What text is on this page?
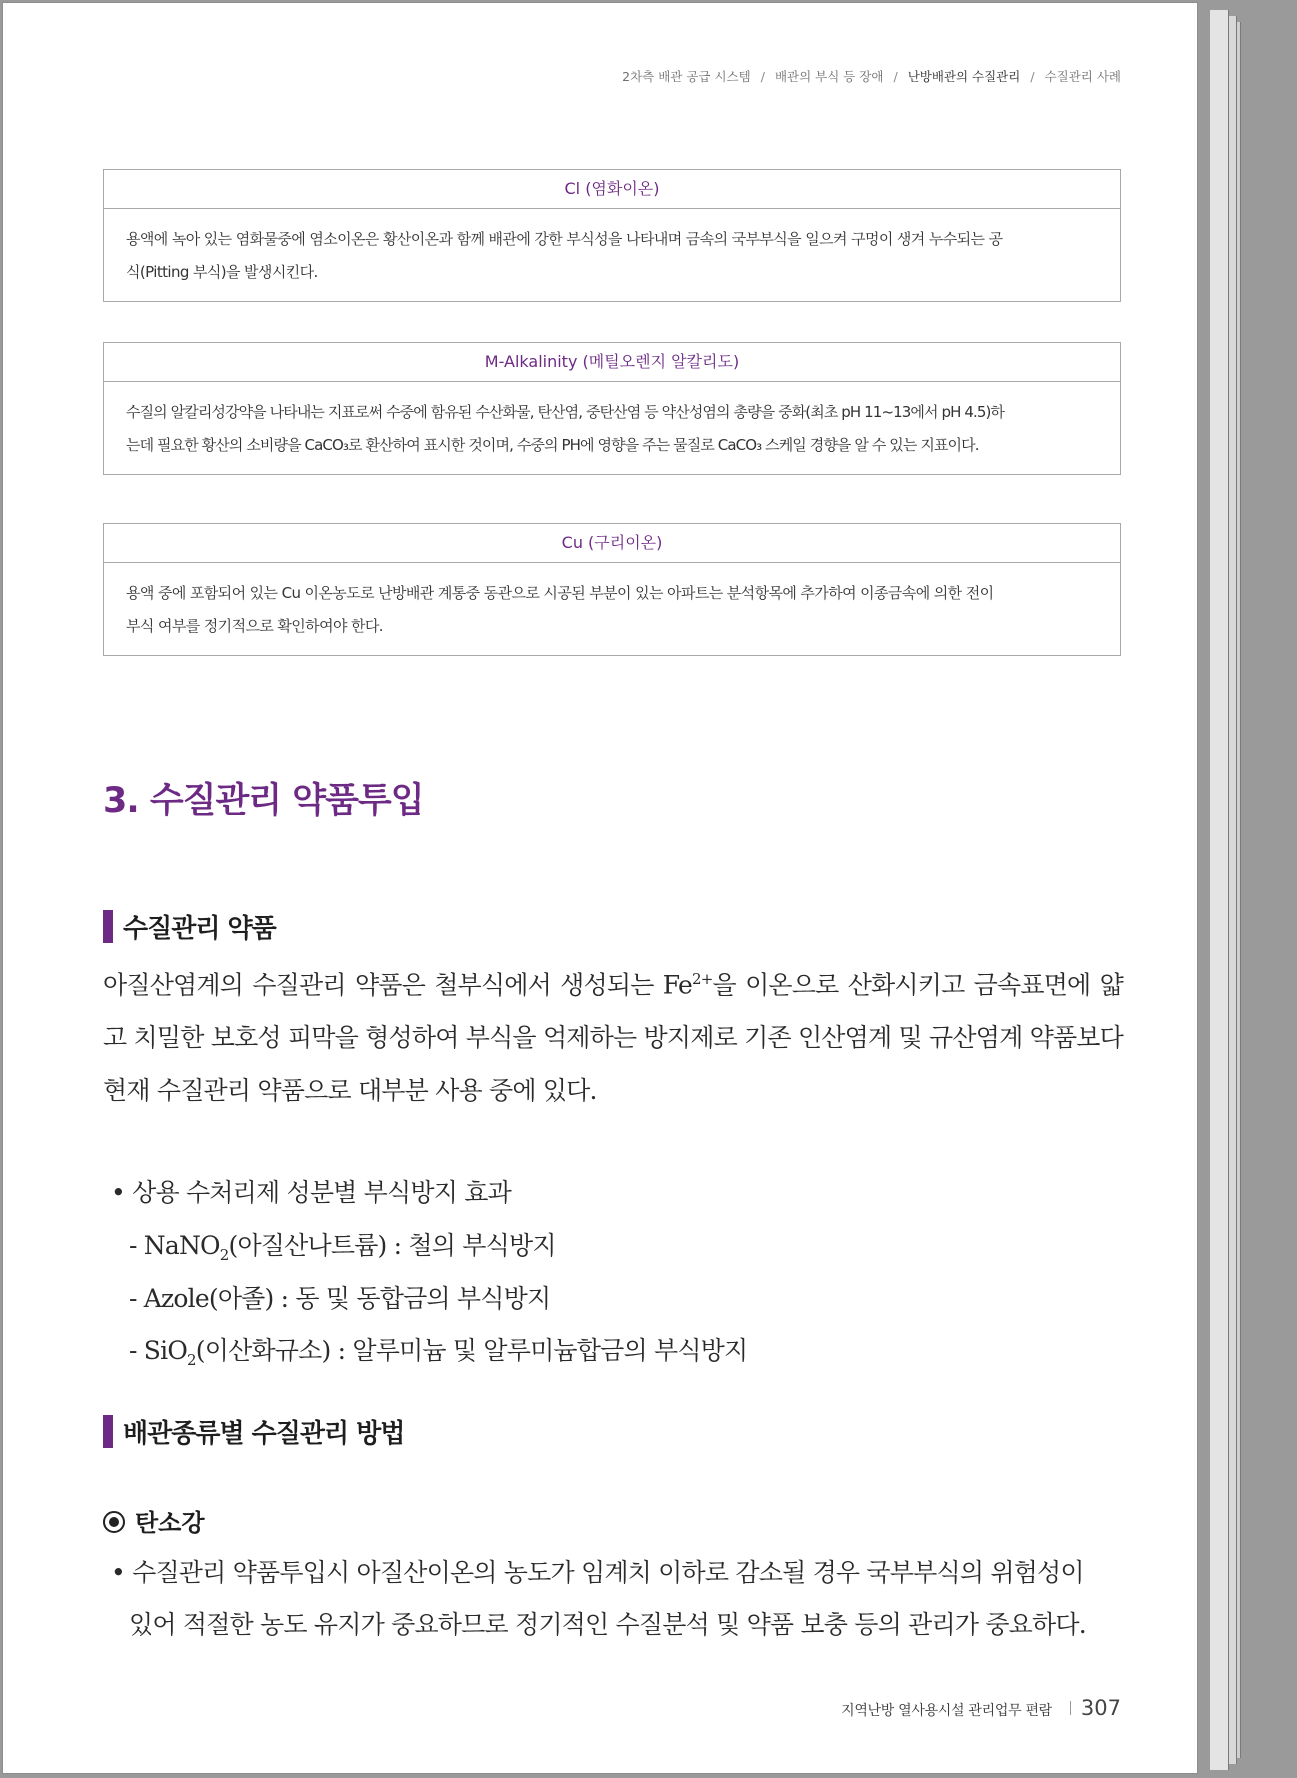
2차측 배관 공급 시스템 / 배관의 부식 등 장애 / 난방배관의 수질관리 / 수질관리 사례
Cl (염화이온)
용액에 녹아 있는 염화물중에 염소이온은 황산이온과 함께 배관에 강한 부식성을 나타내며 금속의 국부부식을 일으켜 구멍이 생겨 누수되는 공
식(Pitting 부식)을 발생시킨다.
M-Alkalinity (메틸오렌지 알칼리도)
수질의 알칼리성강약을 나타내는 지표로써 수중에 함유된 수산화물, 탄산염, 중탄산염 등 약산성염의 총량을 중화(최초 pH 11~13에서 pH 4.5)하
는데 필요한 황산의 소비량을 CaCO₃로 환산하여 표시한 것이며, 수중의 PH에 영향을 주는 물질로 CaCO₃ 스케일 경향을 알 수 있는 지표이다.
Cu (구리이온)
용액 중에 포함되어 있는 Cu 이온농도로 난방배관 계통중 동관으로 시공된 부분이 있는 아파트는 분석항목에 추가하여 이종금속에 의한 전이
부식 여부를 정기적으로 확인하여야 한다.
3. 수질관리 약품투입
수질관리 약품
아질산염계의 수질관리 약품은 철부식에서 생성되는 $Fe^{2+}$을 이온으로 산화시키고 금속표면에 얇고 치밀한 보호성 피막을 형성하여 부식을 억제하는 방지제로 기존 인산염계 및 규산염계 약품보다 현재 수질관리 약품으로 대부분 사용 중에 있다.
• 상용 수처리제 성분별 부식방지 효과
- NaNO$_2$(아질산나트륨) : 철의 부식방지
- Azole(아졸) : 동 및 동합금의 부식방지
- SiO$_2$(이산화규소) : 알루미늄 및 알루미늄합금의 부식방지
배관종류별 수질관리 방법
탄소강
• 수질관리 약품투입시 아질산이온의 농도가 임계치 이하로 감소될 경우 국부부식의 위험성이
있어 적절한 농도 유지가 중요하므로 정기적인 수질분석 및 약품 보충 등의 관리가 중요하다.
지역난방 열사용시설 관리업무 편람 307
